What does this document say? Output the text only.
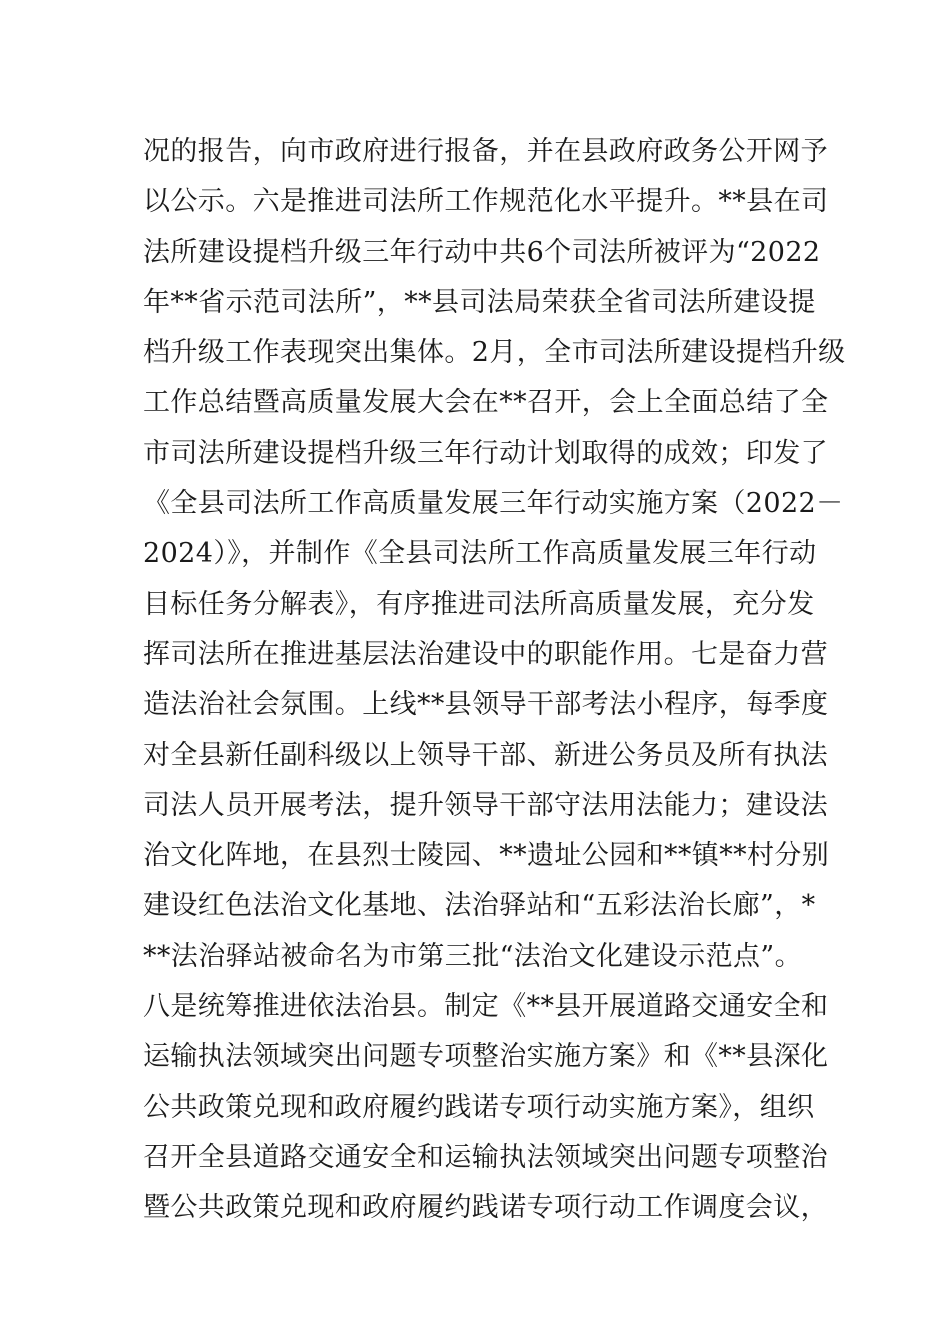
况的报告，向市政府进行报备，并在县政府政务公开网予
以公示。六是推进司法所工作规范化水平提升。**县在司
法所建设提档升级三年行动中共6个司法所被评为“2022
年**省示范司法所”，**县司法局荣获全省司法所建设提
档升级工作表现突出集体。2月，全市司法所建设提档升级
工作总结暨高质量发展大会在**召开，会上全面总结了全
市司法所建设提档升级三年行动计划取得的成效；印发了
《全县司法所工作高质量发展三年行动实施方案（2022－
2024）》，并制作《全县司法所工作高质量发展三年行动
目标任务分解表》，有序推进司法所高质量发展，充分发
挥司法所在推进基层法治建设中的职能作用。七是奋力营
造法治社会氛围。上线**县领导干部考法小程序，每季度
对全县新任副科级以上领导干部、新进公务员及所有执法
司法人员开展考法，提升领导干部守法用法能力；建设法
治文化阵地，在县烈士陵园、**遗址公园和**镇**村分别
建设红色法治文化基地、法治驿站和“五彩法治长廊”，*
**法治驿站被命名为市第三批“法治文化建设示范点”。
八是统筹推进依法治县。制定《**县开展道路交通安全和
运输执法领域突出问题专项整治实施方案》和《**县深化
公共政策兑现和政府履约践诺专项行动实施方案》，组织
召开全县道路交通安全和运输执法领域突出问题专项整治
暨公共政策兑现和政府履约践诺专项行动工作调度会议，
